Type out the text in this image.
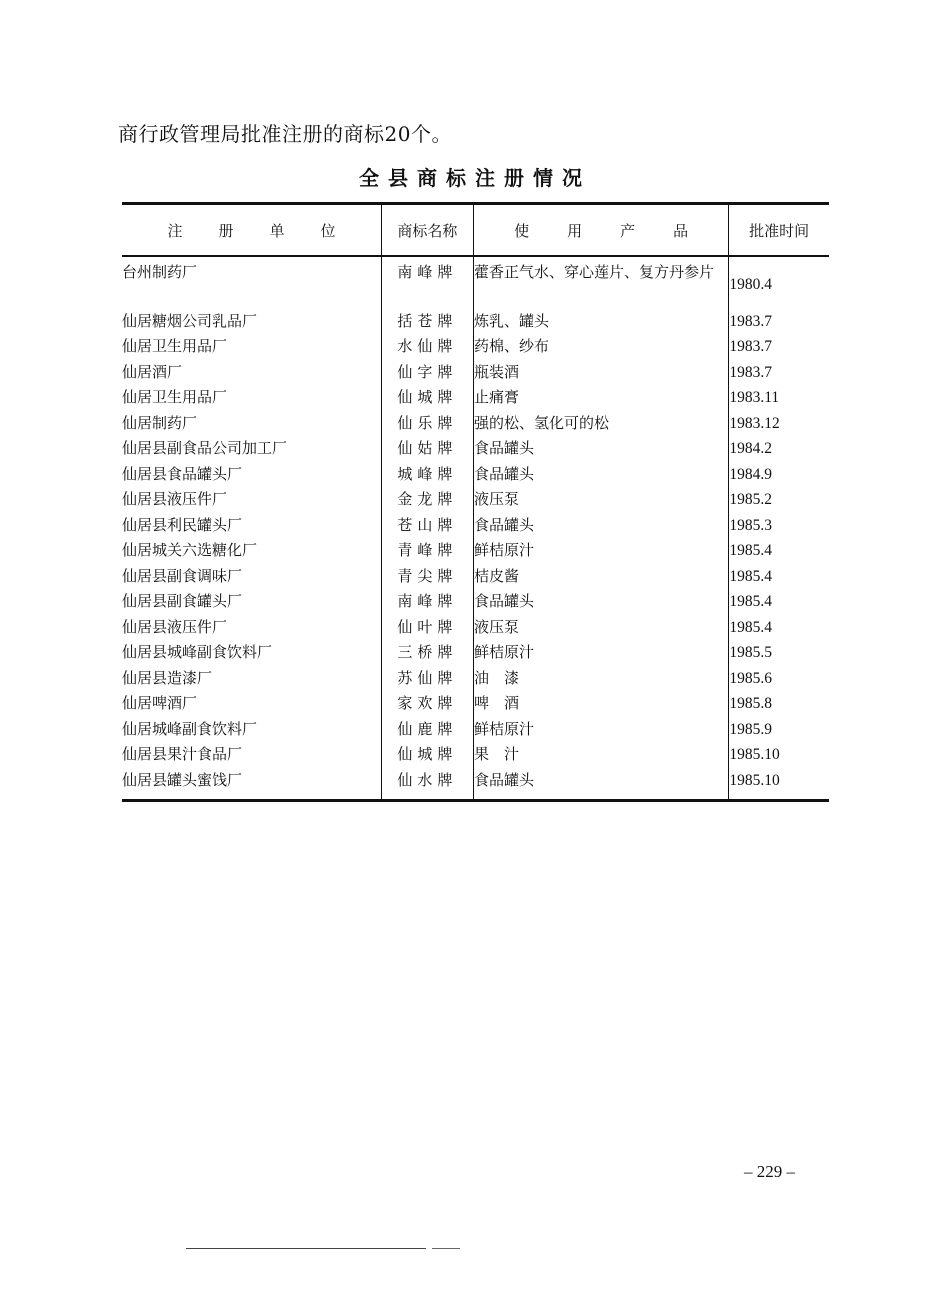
商行政管理局批准注册的商标20个。

全县商标注册情况
注册单位	商标名称	使用产品	批准时间
台州制药厂	南峰牌	藿香正气水、穿心莲片、复方丹参片	1980.4
仙居糖烟公司乳品厂	括苍牌	炼乳、罐头	1983.7
仙居卫生用品厂	水仙牌	药棉、纱布	1983.7
仙居酒厂	仙字牌	瓶装酒	1983.7
仙居卫生用品厂	仙城牌	止痛膏	1983.11
仙居制药厂	仙乐牌	强的松、氢化可的松	1983.12
仙居县副食品公司加工厂	仙姑牌	食品罐头	1984.2
仙居县食品罐头厂	城峰牌	食品罐头	1984.9
仙居县液压件厂	金龙牌	液压泵	1985.2
仙居县利民罐头厂	苍山牌	食品罐头	1985.3
仙居城关六选糖化厂	青峰牌	鲜桔原汁	1985.4
仙居县副食调味厂	青尖牌	桔皮酱	1985.4
仙居县副食罐头厂	南峰牌	食品罐头	1985.4
仙居县液压件厂	仙叶牌	液压泵	1985.4
仙居县城峰副食饮料厂	三桥牌	鲜桔原汁	1985.5
仙居县造漆厂	苏仙牌	油　漆	1985.6
仙居啤酒厂	家欢牌	啤　酒	1985.8
仙居城峰副食饮料厂	仙鹿牌	鲜桔原汁	1985.9
仙居县果汁食品厂	仙城牌	果　汁	1985.10
仙居县罐头蜜饯厂	仙水牌	食品罐头	1985.10
– 229 –
